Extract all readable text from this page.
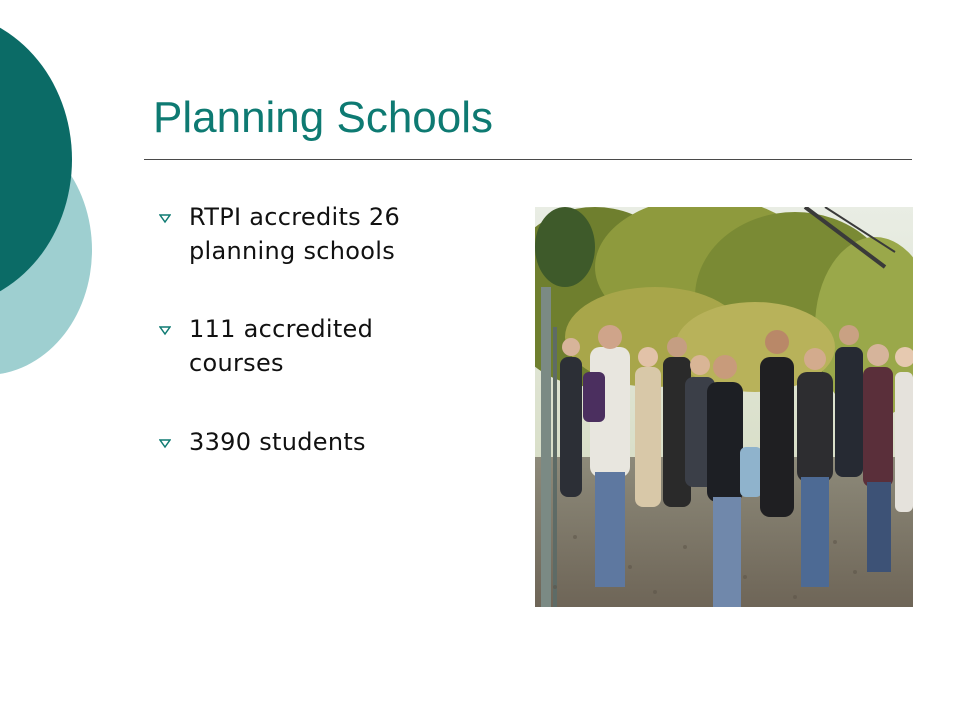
Planning Schools
RTPI accredits 26 planning schools
111 accredited courses
3390 students
